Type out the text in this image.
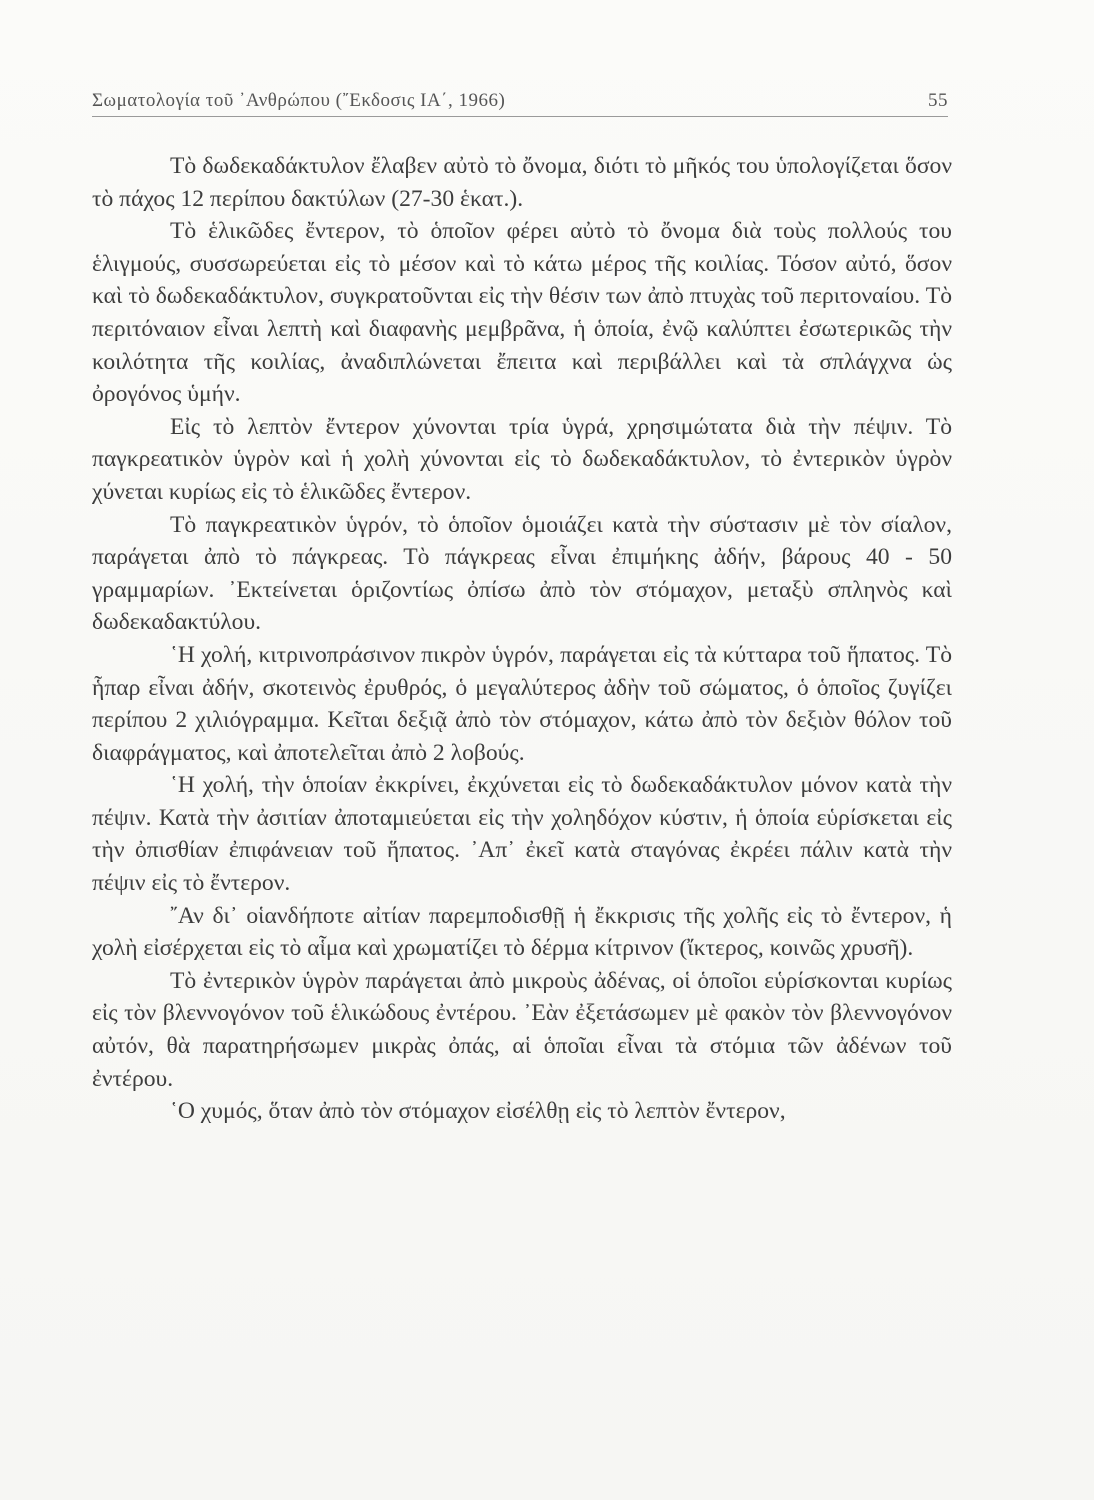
Σωματολογία τοῦ ᾿Ανθρώπου (῎Εκδοσις ΙΑ΄, 1966)	55

Τὸ δωδεκαδάκτυλον ἔλαβεν αὐτὸ τὸ ὄνομα, διότι τὸ μῆκός του ὑπολογίζεται ὅσον τὸ πάχος 12 περίπου δακτύλων (27-30 ἑκατ.).

Τὸ ἑλικῶδες ἔντερον, τὸ ὁποῖον φέρει αὐτὸ τὸ ὄνομα διὰ τοὺς πολλούς του ἑλιγμούς, συσσωρεύεται εἰς τὸ μέσον καὶ τὸ κάτω μέρος τῆς κοιλίας. Τόσον αὐτό, ὅσον καὶ τὸ δωδεκαδάκτυλον, συγκρατοῦνται εἰς τὴν θέσιν των ἀπὸ πτυχὰς τοῦ περιτοναίου. Τὸ περιτόναιον εἶναι λεπτὴ καὶ διαφανὴς μεμβρᾶνα, ἡ ὁποία, ἐνῷ καλύπτει ἐσωτερικῶς τὴν κοιλότητα τῆς κοιλίας, ἀναδιπλώνεται ἔπειτα καὶ περιβάλλει καὶ τὰ σπλάγχνα ὡς ὀρογόνος ὑμήν.

Εἰς τὸ λεπτὸν ἔντερον χύνονται τρία ὑγρά, χρησιμώτατα διὰ τὴν πέψιν. Τὸ παγκρεατικὸν ὑγρὸν καὶ ἡ χολὴ χύνονται εἰς τὸ δωδεκαδάκτυλον, τὸ ἐντερικὸν ὑγρὸν χύνεται κυρίως εἰς τὸ ἑλικῶδες ἔντερον.

Τὸ παγκρεατικὸν ὑγρόν, τὸ ὁποῖον ὁμοιάζει κατὰ τὴν σύστασιν μὲ τὸν σίαλον, παράγεται ἀπὸ τὸ πάγκρεας. Τὸ πάγκρεας εἶναι ἐπιμήκης ἀδήν, βάρους 40 - 50 γραμμαρίων. ᾿Εκτείνεται ὁριζοντίως ὀπίσω ἀπὸ τὸν στόμαχον, μεταξὺ σπληνὸς καὶ δωδεκαδακτύλου.

῾Η χολή, κιτρινοπράσινον πικρὸν ὑγρόν, παράγεται εἰς τὰ κύτταρα τοῦ ἥπατος. Τὸ ἧπαρ εἶναι ἀδήν, σκοτεινὸς ἐρυθρός, ὁ μεγαλύτερος ἀδὴν τοῦ σώματος, ὁ ὁποῖος ζυγίζει περίπου 2 χιλιόγραμμα. Κεῖται δεξιᾷ ἀπὸ τὸν στόμαχον, κάτω ἀπὸ τὸν δεξιὸν θόλον τοῦ διαφράγματος, καὶ ἀποτελεῖται ἀπὸ 2 λοβούς.

῾Η χολή, τὴν ὁποίαν ἐκκρίνει, ἐκχύνεται εἰς τὸ δωδεκαδάκτυλον μόνον κατὰ τὴν πέψιν. Κατὰ τὴν ἀσιτίαν ἀποταμιεύεται εἰς τὴν χοληδόχον κύστιν, ἡ ὁποία εὑρίσκεται εἰς τὴν ὀπισθίαν ἐπιφάνειαν τοῦ ἥπατος. ᾿Απ᾿ ἐκεῖ κατὰ σταγόνας ἐκρέει πάλιν κατὰ τὴν πέψιν εἰς τὸ ἔντερον.

῎Αν δι᾿ οἱανδήποτε αἰτίαν παρεμποδισθῇ ἡ ἔκκρισις τῆς χολῆς εἰς τὸ ἔντερον, ἡ χολὴ εἰσέρχεται εἰς τὸ αἷμα καὶ χρωματίζει τὸ δέρμα κίτρινον (ἴκτερος, κοινῶς χρυσῆ).

Τὸ ἐντερικὸν ὑγρὸν παράγεται ἀπὸ μικροὺς ἀδένας, οἱ ὁποῖοι εὑρίσκονται κυρίως εἰς τὸν βλεννογόνον τοῦ ἑλικώδους ἐντέρου. ᾿Εὰν ἐξετάσωμεν μὲ φακὸν τὸν βλεννογόνον αὐτόν, θὰ παρατηρήσωμεν μικρὰς ὀπάς, αἱ ὁποῖαι εἶναι τὰ στόμια τῶν ἀδένων τοῦ ἐντέρου.

῾Ο χυμός, ὅταν ἀπὸ τὸν στόμαχον εἰσέλθῃ εἰς τὸ λεπτὸν ἔντερον,
